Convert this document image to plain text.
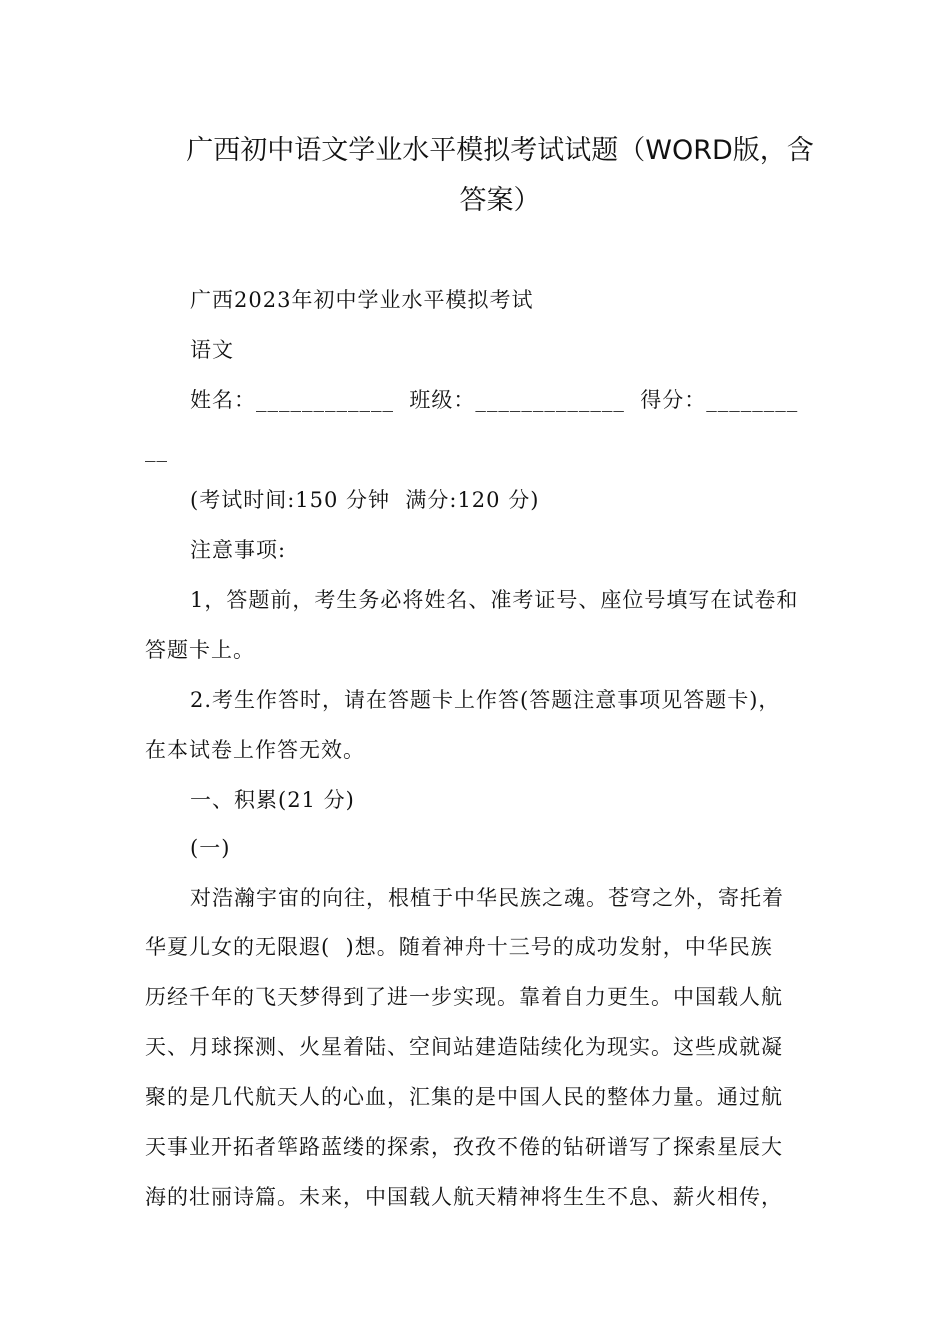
广西初中语文学业水平模拟考试试题（WORD版，含
答案）
广西2023年初中学业水平模拟考试
语文
姓名：____________  班级：_____________  得分：________
__
(考试时间:150 分钟  满分:120 分)
注意事项:
1，答题前，考生务必将姓名、准考证号、座位号填写在试卷和
答题卡上。
2.考生作答时，请在答题卡上作答(答题注意事项见答题卡)，
在本试卷上作答无效。
一、积累(21 分)
(一)
对浩瀚宇宙的向往，根植于中华民族之魂。苍穹之外，寄托着
华夏儿女的无限遐(  )想。随着神舟十三号的成功发射，中华民族
历经千年的飞天梦得到了进一步实现。靠着自力更生。中国载人航
天、月球探测、火星着陆、空间站建造陆续化为现实。这些成就凝
聚的是几代航天人的心血，汇集的是中国人民的整体力量。通过航
天事业开拓者筚路蓝缕的探索，孜孜不倦的钻研谱写了探索星辰大
海的壮丽诗篇。未来，中国载人航天精神将生生不息、薪火相传，
